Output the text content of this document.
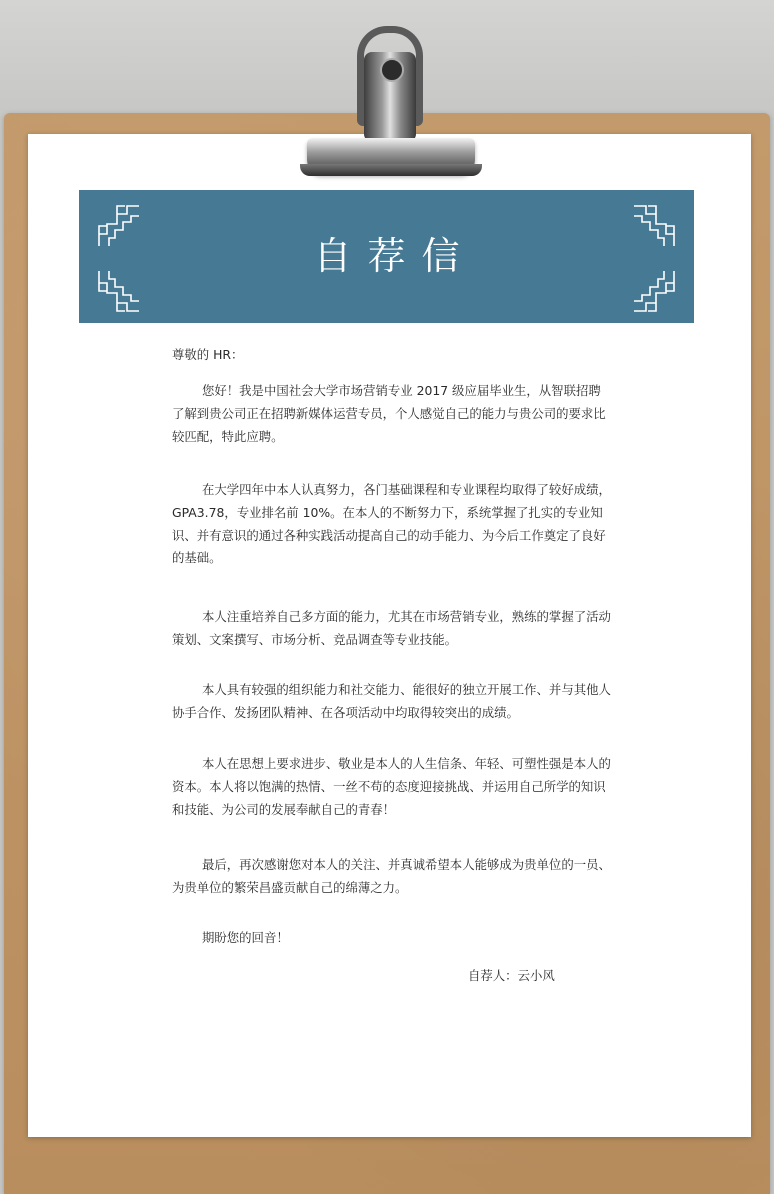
自荐信
尊敬的 HR：

您好！我是中国社会大学市场营销专业 2017 级应届毕业生，从智联招聘了解到贵公司正在招聘新媒体运营专员，个人感觉自己的能力与贵公司的要求比较匹配，特此应聘。

在大学四年中本人认真努力，各门基础课程和专业课程均取得了较好成绩，GPA3.78，专业排名前 10%。在本人的不断努力下，系统掌握了扎实的专业知识、并有意识的通过各种实践活动提高自己的动手能力、为今后工作奠定了良好的基础。

本人注重培养自己多方面的能力，尤其在市场营销专业，熟练的掌握了活动策划、文案撰写、市场分析、竞品调查等专业技能。

本人具有较强的组织能力和社交能力、能很好的独立开展工作、并与其他人协手合作、发扬团队精神、在各项活动中均取得较突出的成绩。

本人在思想上要求进步、敬业是本人的人生信条、年轻、可塑性强是本人的资本。本人将以饱满的热情、一丝不苟的态度迎接挑战、并运用自己所学的知识和技能、为公司的发展奉献自己的青春！

最后，再次感谢您对本人的关注、并真诚希望本人能够成为贵单位的一员、为贵单位的繁荣昌盛贡献自己的绵薄之力。

期盼您的回音！

自荐人：云小风
